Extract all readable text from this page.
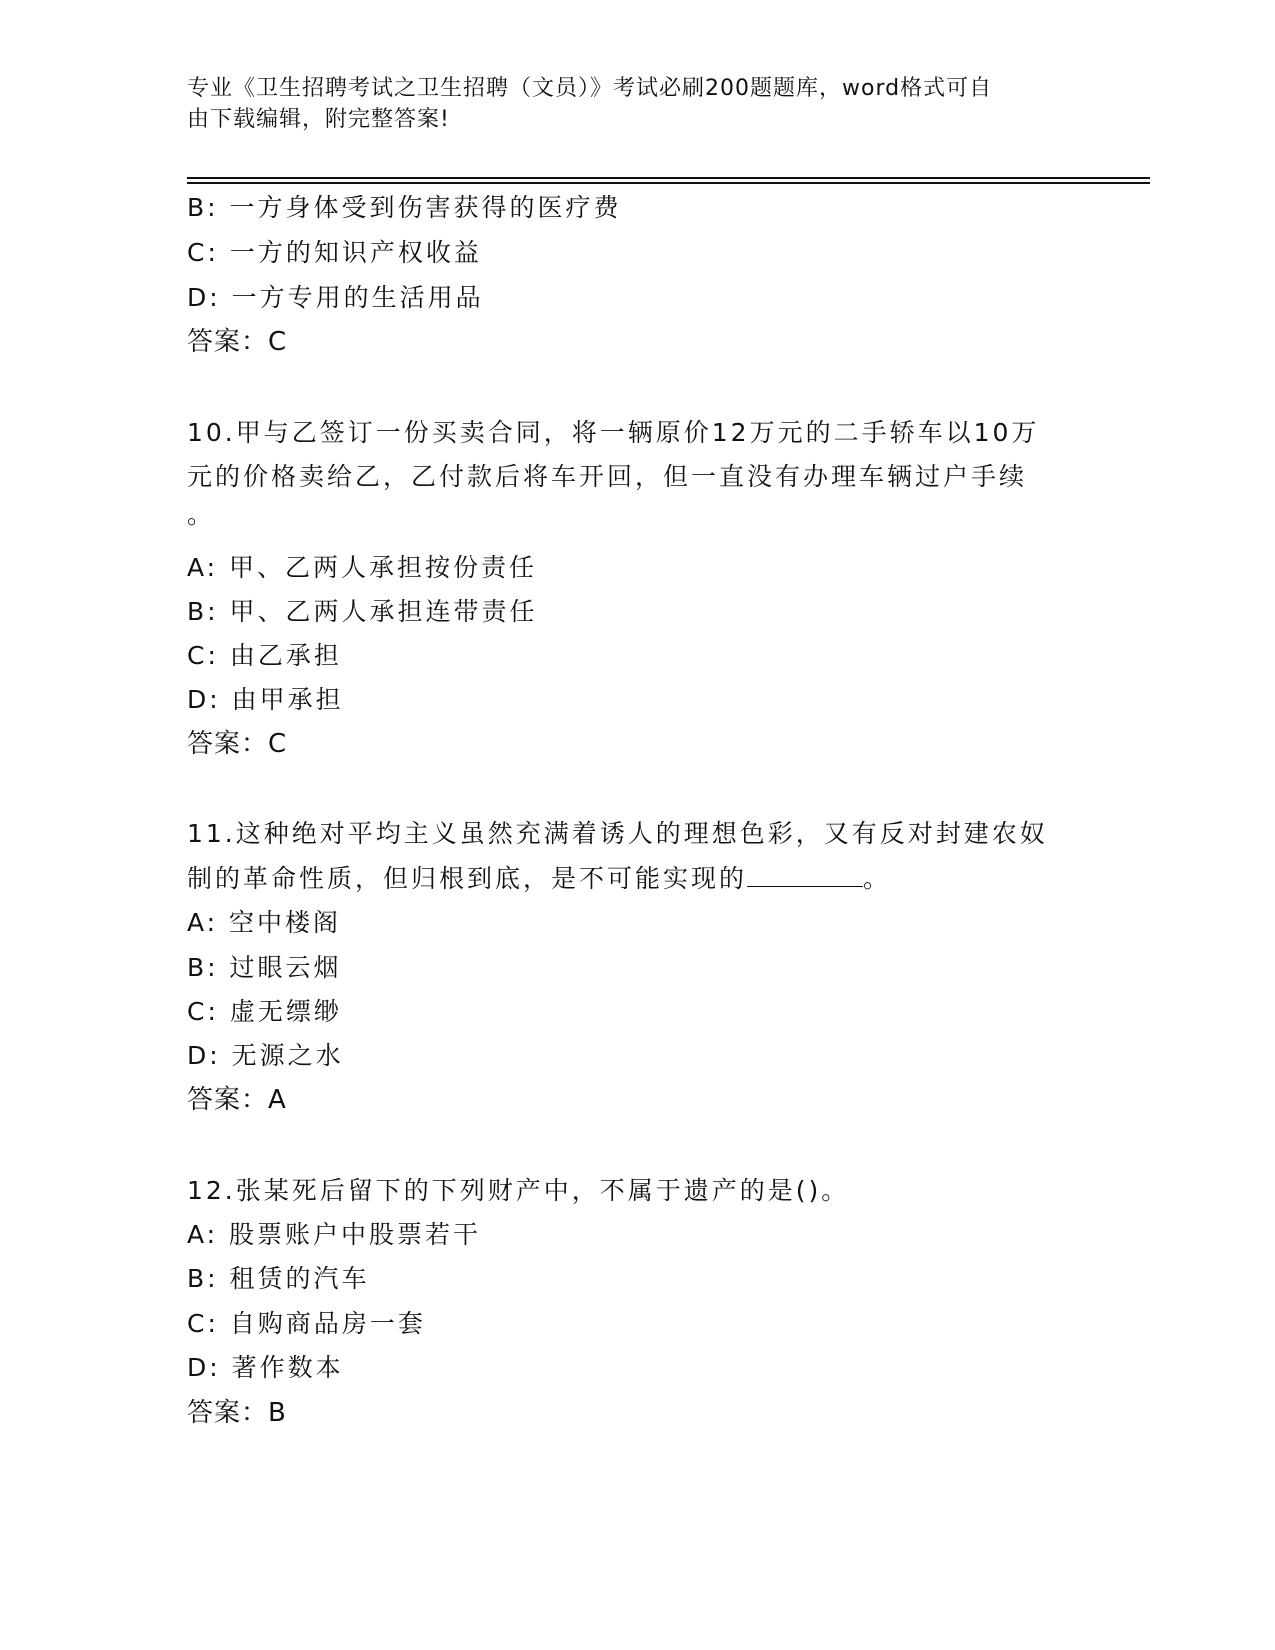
专业《卫生招聘考试之卫生招聘（文员）》考试必刷200题题库，word格式可自
由下载编辑，附完整答案!
B: 一方身体受到伤害获得的医疗费
C: 一方的知识产权收益
D: 一方专用的生活用品
答案：C
10.甲与乙签订一份买卖合同，将一辆原价12万元的二手轿车以10万
元的价格卖给乙，乙付款后将车开回，但一直没有办理车辆过户手续
。
A: 甲、乙两人承担按份责任
B: 甲、乙两人承担连带责任
C: 由乙承担
D: 由甲承担
答案：C
11.这种绝对平均主义虽然充满着诱人的理想色彩，又有反对封建农奴
制的革命性质，但归根到底，是不可能实现的	。
A: 空中楼阁
B: 过眼云烟
C: 虚无缥缈
D: 无源之水
答案：A
12.张某死后留下的下列财产中，不属于遗产的是()。
A: 股票账户中股票若干
B: 租赁的汽车
C: 自购商品房一套
D: 著作数本
答案：B
